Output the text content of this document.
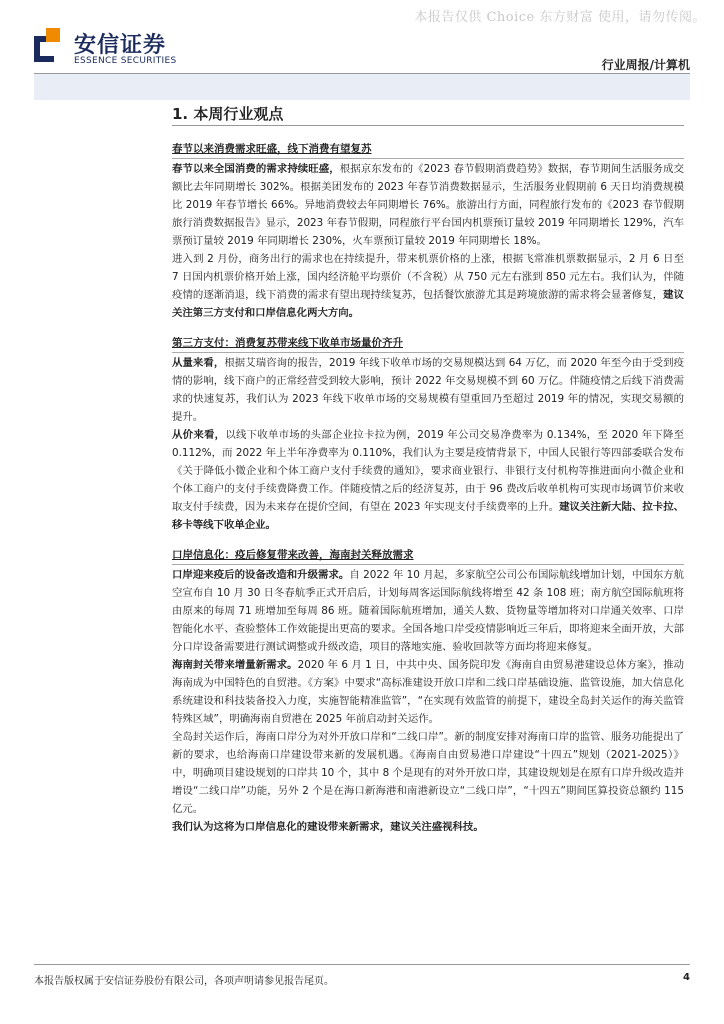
本报告仅供 Choice 东方财富 使用，请勿传阅。
安信证券
ESSENCE SECURITIES	行业周报/计算机
1. 本周行业观点
春节以来消费需求旺盛，线下消费有望复苏

春节以来全国消费的需求持续旺盛，根据京东发布的《2023 春节假期消费趋势》数据，春节期间生活服务成交额比去年同期增长 302%。根据美团发布的 2023 年春节消费数据显示，生活服务业假期前 6 天日均消费规模比 2019 年春节增长 66%。异地消费较去年同期增长 76%。旅游出行方面，同程旅行发布的《2023 春节假期旅行消费数据报告》显示，2023 年春节假期，同程旅行平台国内机票预订量较 2019 年同期增长 129%，汽车票预订量较 2019 年同期增长 230%，火车票预订量较 2019 年同期增长 18%。

进入到 2 月份，商务出行的需求也在持续提升，带来机票价格的上涨，根据飞常准机票数据显示，2 月 6 日至 7 日国内机票价格开始上涨，国内经济舱平均票价（不含税）从 750 元左右涨到 850 元左右。我们认为，伴随疫情的逐渐消退，线下消费的需求有望出现持续复苏，包括餐饮旅游尤其是跨境旅游的需求将会显著修复，建议关注第三方支付和口岸信息化两大方向。

第三方支付：消费复苏带来线下收单市场量价齐升

从量来看，根据艾瑞咨询的报告，2019 年线下收单市场的交易规模达到 64 万亿，而 2020 年至今由于受到疫情的影响，线下商户的正常经营受到较大影响，预计 2022 年交易规模不到 60 万亿。伴随疫情之后线下消费需求的快速复苏，我们认为 2023 年线下收单市场的交易规模有望重回乃至超过 2019 年的情况，实现交易额的提升。

从价来看，以线下收单市场的头部企业拉卡拉为例，2019 年公司交易净费率为 0.134%，至 2020 年下降至 0.112%，而 2022 年上半年净费率为 0.110%，我们认为主要是疫情背景下，中国人民银行等四部委联合发布《关于降低小微企业和个体工商户支付手续费的通知》，要求商业银行、非银行支付机构等推进面向小微企业和个体工商户的支付手续费降费工作。伴随疫情之后的经济复苏，由于 96 费改后收单机构可实现市场调节价来收取支付手续费，因为未来存在提价空间，有望在 2023 年实现支付手续费率的上升。建议关注新大陆、拉卡拉、移卡等线下收单企业。

口岸信息化：疫后修复带来改善，海南封关释放需求

口岸迎来疫后的设备改造和升级需求。自 2022 年 10 月起，多家航空公司公布国际航线增加计划，中国东方航空宣布自 10 月 30 日冬春航季正式开启后，计划每周客运国际航线将增至 42 条 108 班；南方航空国际航班将由原来的每周 71 班增加至每周 86 班。随着国际航班增加，通关人数、货物量等增加将对口岸通关效率、口岸智能化水平、查验整体工作效能提出更高的要求。全国各地口岸受疫情影响近三年后，即将迎来全面开放，大部分口岸设备需要进行测试调整或升级改造，项目的落地实施、验收回款等方面均将迎来修复。

海南封关带来增量新需求。2020 年 6 月 1 日，中共中央、国务院印发《海南自由贸易港建设总体方案》，推动海南成为中国特色的自贸港。《方案》中要求“高标准建设开放口岸和二线口岸基础设施、监管设施，加大信息化系统建设和科技装备投入力度，实施智能精准监管”，“在实现有效监管的前提下，建设全岛封关运作的海关监管特殊区域”，明确海南自贸港在 2025 年前启动封关运作。

全岛封关运作后，海南口岸分为对外开放口岸和“二线口岸”。新的制度安排对海南口岸的监管、服务功能提出了新的要求，也给海南口岸建设带来新的发展机遇。《海南自由贸易港口岸建设“十四五”规划（2021-2025）》中，明确项目建设规划的口岸共 10 个，其中 8 个是现有的对外开放口岸，其建设规划是在原有口岸升级改造并增设“二线口岸”功能，另外 2 个是在海口新海港和南港新设立“二线口岸”，“十四五”期间匡算投资总额约 115 亿元。

我们认为这将为口岸信息化的建设带来新需求，建议关注盛视科技。

本报告版权属于安信证券股份有限公司，各项声明请参见报告尾页。	4
